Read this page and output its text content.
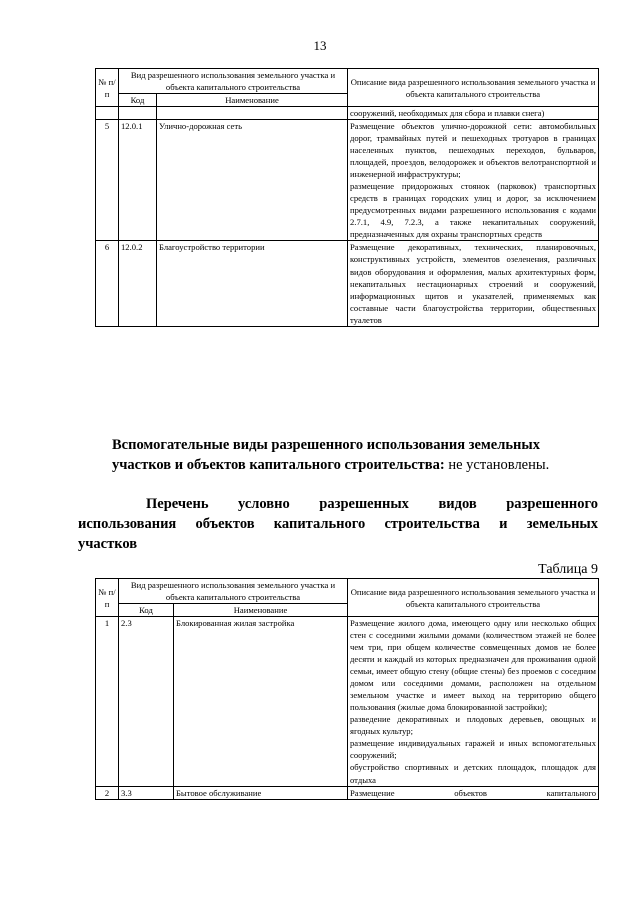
13
№ п/п	Вид разрешенного использования земельного участка и объекта капитального строительства		Описание вида разрешенного использования земельного участка и объекта капитального строительства
	Код	Наименование	
			сооружений, необходимых для сбора и плавки снега)
5	12.0.1	Улично-дорожная сеть	Размещение объектов улично-дорожной сети: автомобильных дорог, трамвайных путей и пешеходных тротуаров в границах населенных пунктов, пешеходных переходов, бульваров, площадей, проездов, велодорожек и объектов велотранспортной и инженерной инфраструктуры;
размещение придорожных стоянок (парковок) транспортных средств в границах городских улиц и дорог, за исключением предусмотренных видами разрешенного использования с кодами 2.7.1, 4.9, 7.2.3, а также некапитальных сооружений, предназначенных для охраны транспортных средств
6	12.0.2	Благоустройство территории	Размещение декоративных, технических, планировочных, конструктивных устройств, элементов озеленения, различных видов оборудования и оформления, малых архитектурных форм, некапитальных нестационарных строений и сооружений, информационных щитов и указателей, применяемых как составные части благоустройства территории, общественных туалетов
Вспомогательные виды разрешенного использования земельных участков и объектов капитального строительства: не установлены.
Перечень условно разрешенных видов разрешенного
использования объектов капитального строительства и земельных
участков
Таблица 9
№ п/п	Вид разрешенного использования земельного участка и объекта капитального строительства		Описание вида разрешенного использования земельного участка и объекта капитального строительства
	Код	Наименование	
1	2.3	Блокированная жилая застройка	Размещение жилого дома, имеющего одну или несколько общих стен с соседними жилыми домами (количеством этажей не более чем три, при общем количестве совмещенных домов не более десяти и каждый из которых предназначен для проживания одной семьи, имеет общую стену (общие стены) без проемов с соседним домом или соседними домами, расположен на отдельном земельном участке и имеет выход на территорию общего пользования (жилые дома блокированной застройки);
разведение декоративных и плодовых деревьев, овощных и ягодных культур;
размещение индивидуальных гаражей и иных вспомогательных сооружений;
обустройство спортивных и детских площадок, площадок для отдыха
2	3.3	Бытовое обслуживание	Размещение объектов капитального
